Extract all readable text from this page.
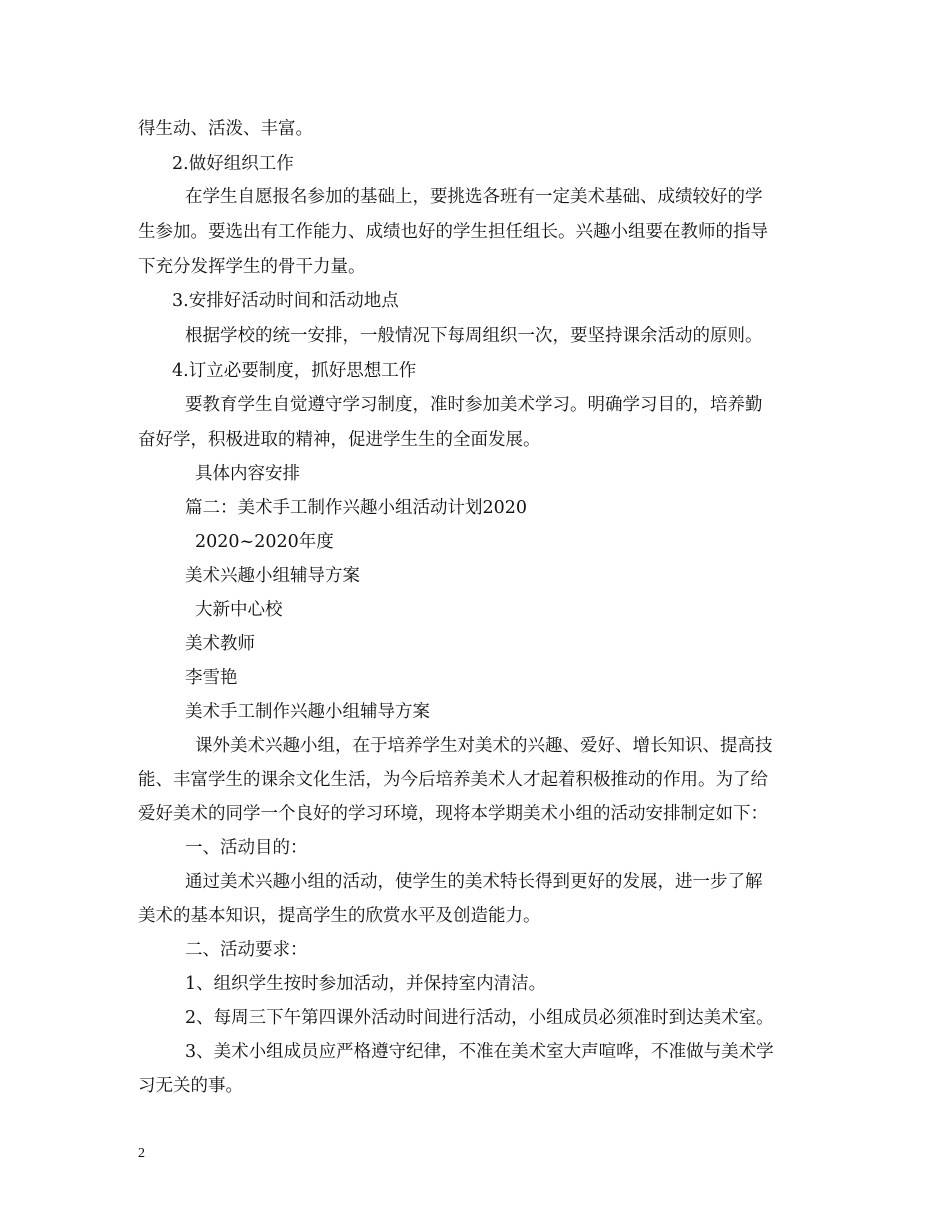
得生动、活泼、丰富。
2.做好组织工作
在学生自愿报名参加的基础上，要挑选各班有一定美术基础、成绩较好的学
生参加。要选出有工作能力、成绩也好的学生担任组长。兴趣小组要在教师的指导
下充分发挥学生的骨干力量。
3.安排好活动时间和活动地点
根据学校的统一安排，一般情况下每周组织一次，要坚持课余活动的原则。
4.订立必要制度，抓好思想工作
要教育学生自觉遵守学习制度，准时参加美术学习。明确学习目的，培养勤
奋好学，积极进取的精神，促进学生生的全面发展。
具体内容安排
篇二：美术手工制作兴趣小组活动计划2020
2020~2020年度
美术兴趣小组辅导方案
大新中心校
美术教师
李雪艳
美术手工制作兴趣小组辅导方案
课外美术兴趣小组，在于培养学生对美术的兴趣、爱好、增长知识、提高技
能、丰富学生的课余文化生活，为今后培养美术人才起着积极推动的作用。为了给
爱好美术的同学一个良好的学习环境，现将本学期美术小组的活动安排制定如下：
一、活动目的：
通过美术兴趣小组的活动，使学生的美术特长得到更好的发展，进一步了解
美术的基本知识，提高学生的欣赏水平及创造能力。
二、活动要求：
1、组织学生按时参加活动，并保持室内清洁。
2、每周三下午第四课外活动时间进行活动，小组成员必须准时到达美术室。
3、美术小组成员应严格遵守纪律，不准在美术室大声喧哗，不准做与美术学
习无关的事。
2
